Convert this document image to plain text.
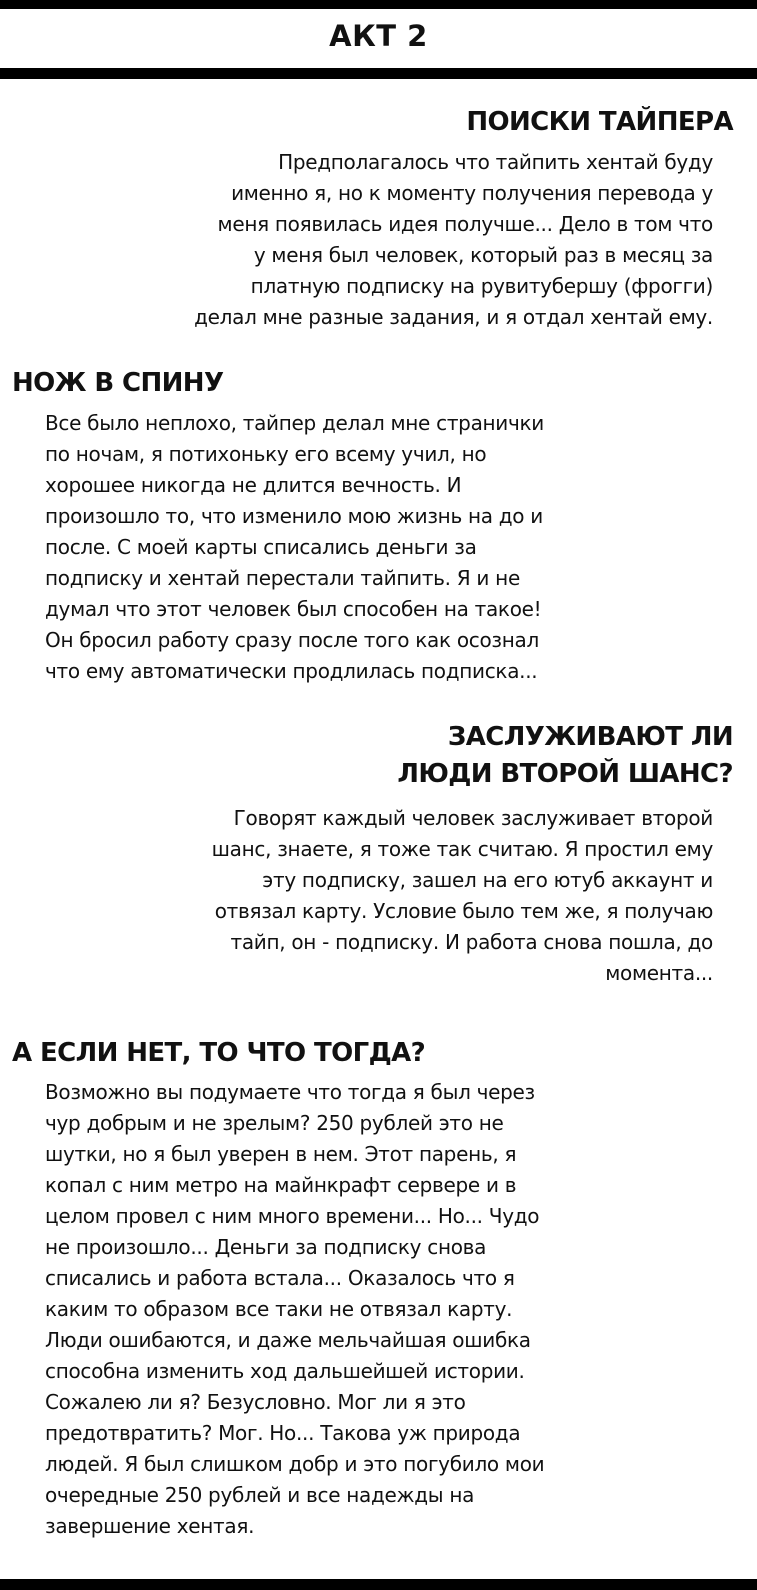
АКТ 2
ПОИСКИ ТАЙПЕРА

Предполагалось что тайпить хентай буду
именно я, но к моменту получения перевода у
меня появилась идея получше... Дело в том что
у меня был человек, который раз в месяц за
платную подписку на рувитубершу (фрогги)
делал мне разные задания, и я отдал хентай ему.

НОЖ В СПИНУ

Все было неплохо, тайпер делал мне странички
по ночам, я потихоньку его всему учил, но
хорошее никогда не длится вечность. И
произошло то, что изменило мою жизнь на до и
после. С моей карты списались деньги за
подписку и хентай перестали тайпить. Я и не
думал что этот человек был способен на такое!
Он бросил работу сразу после того как осознал
что ему автоматически продлилась подписка...

ЗАСЛУЖИВАЮТ ЛИ
ЛЮДИ ВТОРОЙ ШАНС?

Говорят каждый человек заслуживает второй
шанс, знаете, я тоже так считаю. Я простил ему
эту подписку, зашел на его ютуб аккаунт и
отвязал карту. Условие было тем же, я получаю
тайп, он - подписку. И работа снова пошла, до
момента...

А ЕСЛИ НЕТ, ТО ЧТО ТОГДА?

Возможно вы подумаете что тогда я был через
чур добрым и не зрелым? 250 рублей это не
шутки, но я был уверен в нем. Этот парень, я
копал с ним метро на майнкрафт сервере и в
целом провел с ним много времени... Но... Чудо
не произошло... Деньги за подписку снова
списались и работа встала... Оказалось что я
каким то образом все таки не отвязал карту.
Люди ошибаются, и даже мельчайшая ошибка
способна изменить ход дальшейшей истории.
Сожалею ли я? Безусловно. Мог ли я это
предотвратить? Мог. Но... Такова уж природа
людей. Я был слишком добр и это погубило мои
очередные 250 рублей и все надежды на
завершение хентая.
